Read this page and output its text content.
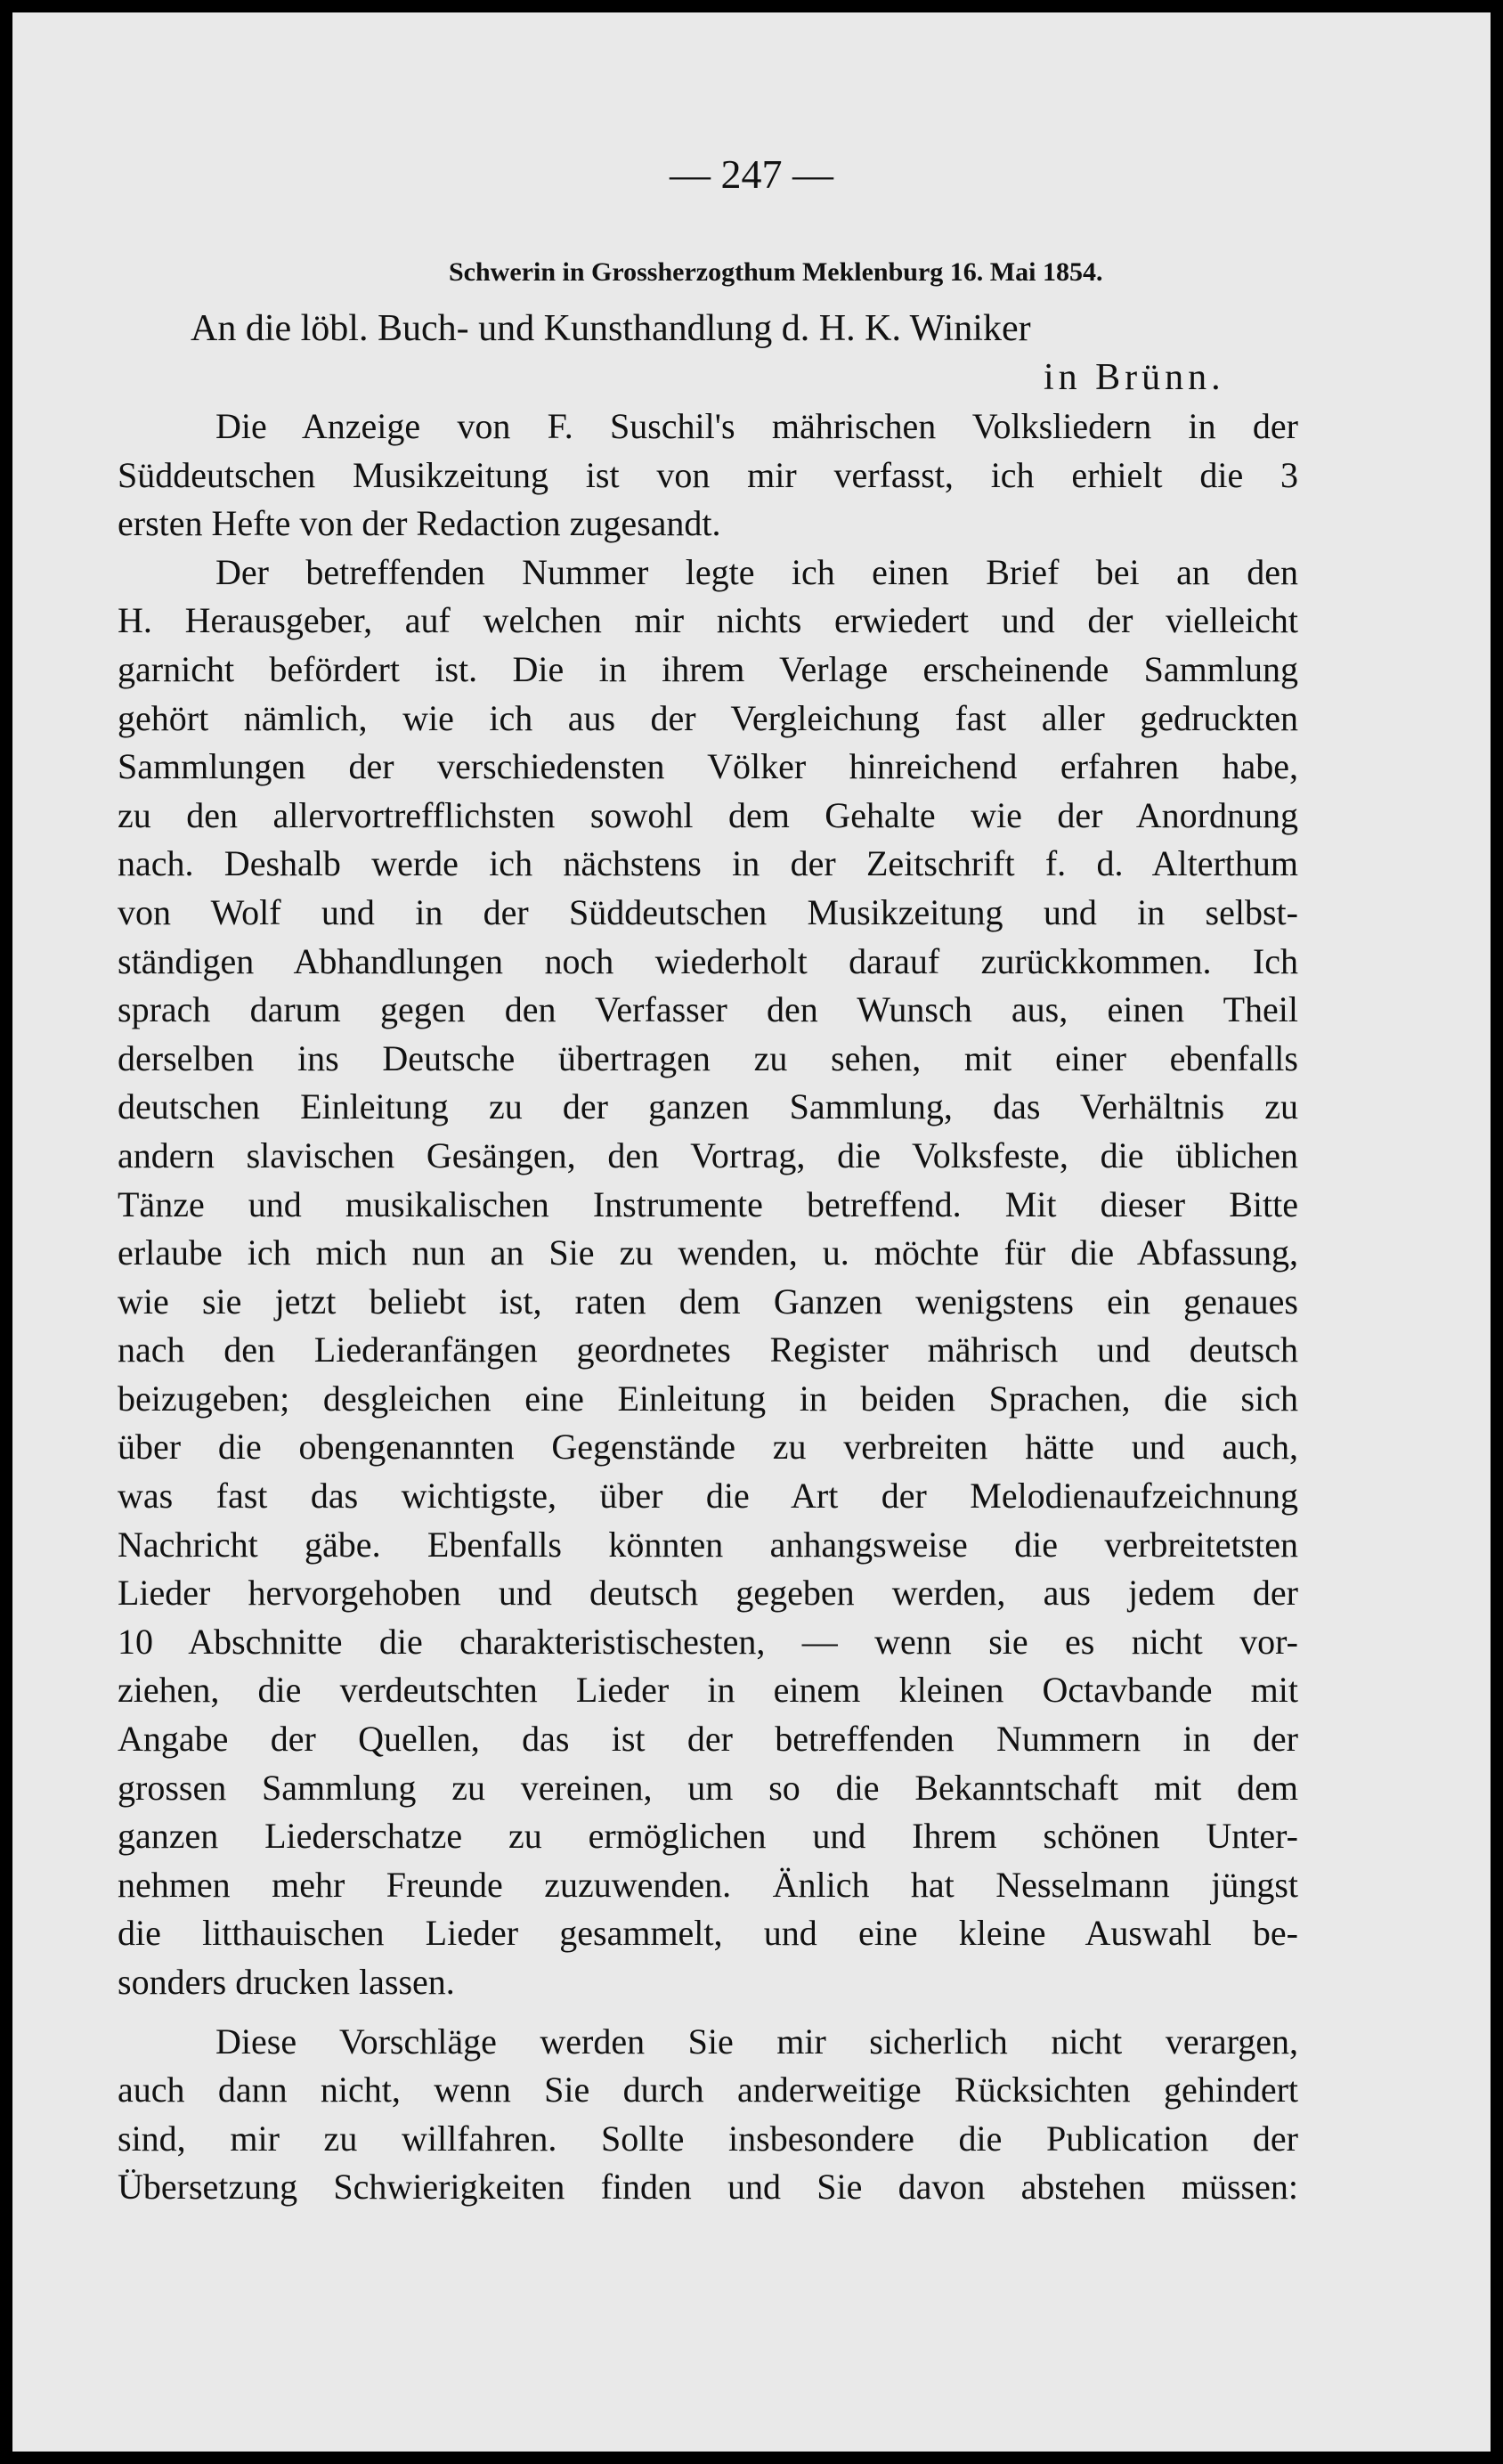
— 247 —
Schwerin in Grossherzogthum Meklenburg 16. Mai 1854.
An die löbl. Buch- und Kunsthandlung d. H. K. Winiker
in Brünn.
Die Anzeige von F. Suschil's mährischen Volksliedern in der
Süddeutschen Musikzeitung ist von mir verfasst, ich erhielt die 3
ersten Hefte von der Redaction zugesandt.
Der betreffenden Nummer legte ich einen Brief bei an den
H. Herausgeber, auf welchen mir nichts erwiedert und der vielleicht
garnicht befördert ist. Die in ihrem Verlage erscheinende Sammlung
gehört nämlich, wie ich aus der Vergleichung fast aller gedruckten
Sammlungen der verschiedensten Völker hinreichend erfahren habe,
zu den allervortrefflichsten sowohl dem Gehalte wie der Anordnung
nach. Deshalb werde ich nächstens in der Zeitschrift f. d. Alterthum
von Wolf und in der Süddeutschen Musikzeitung und in selbst-
ständigen Abhandlungen noch wiederholt darauf zurückkommen. Ich
sprach darum gegen den Verfasser den Wunsch aus, einen Theil
derselben ins Deutsche übertragen zu sehen, mit einer ebenfalls
deutschen Einleitung zu der ganzen Sammlung, das Verhältnis zu
andern slavischen Gesängen, den Vortrag, die Volksfeste, die üblichen
Tänze und musikalischen Instrumente betreffend. Mit dieser Bitte
erlaube ich mich nun an Sie zu wenden, u. möchte für die Abfassung,
wie sie jetzt beliebt ist, raten dem Ganzen wenigstens ein genaues
nach den Liederanfängen geordnetes Register mährisch und deutsch
beizugeben; desgleichen eine Einleitung in beiden Sprachen, die sich
über die obengenannten Gegenstände zu verbreiten hätte und auch,
was fast das wichtigste, über die Art der Melodienaufzeichnung
Nachricht gäbe. Ebenfalls könnten anhangsweise die verbreitetsten
Lieder hervorgehoben und deutsch gegeben werden, aus jedem der
10 Abschnitte die charakteristischesten, — wenn sie es nicht vor-
ziehen, die verdeutschten Lieder in einem kleinen Octavbande mit
Angabe der Quellen, das ist der betreffenden Nummern in der
grossen Sammlung zu vereinen, um so die Bekanntschaft mit dem
ganzen Liederschatze zu ermöglichen und Ihrem schönen Unter-
nehmen mehr Freunde zuzuwenden. Änlich hat Nesselmann jüngst
die litthauischen Lieder gesammelt, und eine kleine Auswahl be-
sonders drucken lassen.
Diese Vorschläge werden Sie mir sicherlich nicht verargen,
auch dann nicht, wenn Sie durch anderweitige Rücksichten gehindert
sind, mir zu willfahren. Sollte insbesondere die Publication der
Übersetzung Schwierigkeiten finden und Sie davon abstehen müssen:
